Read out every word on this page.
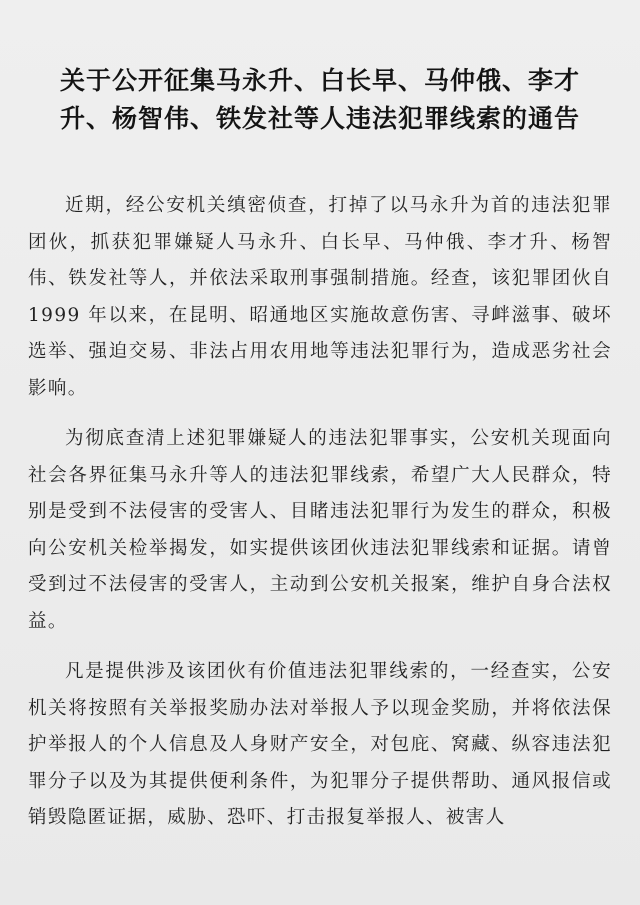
关于公开征集马永升、白长早、马仲俄、李才
升、杨智伟、铁发社等人违法犯罪线索的通告

近期，经公安机关缜密侦查，打掉了以马永升为首的违法犯罪团伙，抓获犯罪嫌疑人马永升、白长早、马仲俄、李才升、杨智伟、铁发社等人，并依法采取刑事强制措施。经查，该犯罪团伙自 1999 年以来，在昆明、昭通地区实施故意伤害、寻衅滋事、破坏选举、强迫交易、非法占用农用地等违法犯罪行为，造成恶劣社会影响。

为彻底查清上述犯罪嫌疑人的违法犯罪事实，公安机关现面向社会各界征集马永升等人的违法犯罪线索，希望广大人民群众，特别是受到不法侵害的受害人、目睹违法犯罪行为发生的群众，积极向公安机关检举揭发，如实提供该团伙违法犯罪线索和证据。请曾受到过不法侵害的受害人，主动到公安机关报案，维护自身合法权益。

凡是提供涉及该团伙有价值违法犯罪线索的，一经查实，公安机关将按照有关举报奖励办法对举报人予以现金奖励，并将依法保护举报人的个人信息及人身财产安全，对包庇、窝藏、纵容违法犯罪分子以及为其提供便利条件，为犯罪分子提供帮助、通风报信或销毁隐匿证据，威胁、恐吓、打击报复举报人、被害人
